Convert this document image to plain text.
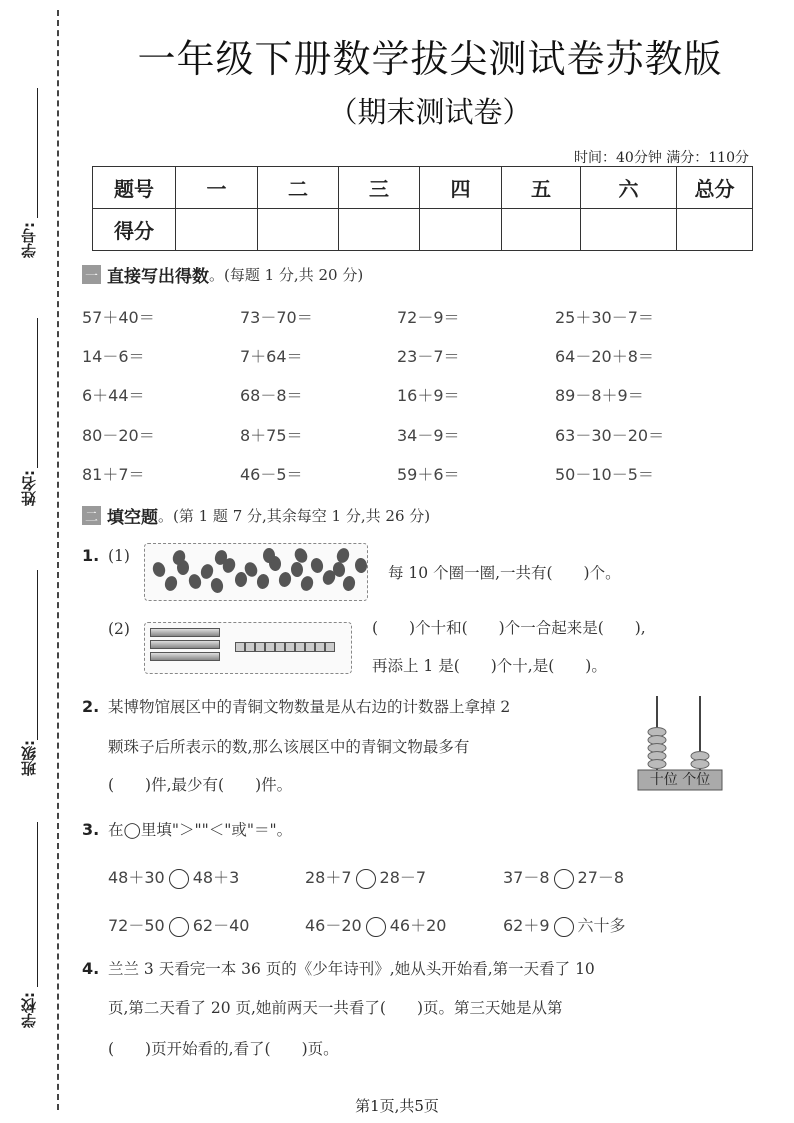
学号:
姓名:
班级:
学校:
一年级下册数学拔尖测试卷苏教版
（期末测试卷）
时间：40分钟 满分：110分
题号	一	二	三	四	五	六	总分
得分							
一 直接写出得数 。(每题 1 分,共 20 分)
57＋40＝	73－70＝	72－9＝	25＋30－7＝
14－6＝	7＋64＝	23－7＝	64－20＋8＝
6＋44＝	68－8＝	16＋9＝	89－8＋9＝
80－20＝	8＋75＝	34－9＝	63－30－20＝
81＋7＝	46－5＝	59＋6＝	50－10－5＝
二 填空题 。(第 1 题 7 分,其余每空 1 分,共 26 分)
1. (1)
每 10 个圈一圈,一共有(　　)个。
(2)	(　　)个十和(　　)个一合起来是(　　),
再添上 1 是(　　)个十,是(　　)。
2. 某博物馆展区中的青铜文物数量是从右边的计数器上拿掉 2
颗珠子后所表示的数,那么该展区中的青铜文物最多有
(　　)件,最少有(　　)件。	十位 个位
3. 在◯里填"＞""＜"或"＝"。
48＋30 48＋3	28＋7 28－7	37－8 27－8
72－50 62－40	46－20 46＋20	62＋9 六十多
4. 兰兰 3 天看完一本 36 页的《少年诗刊》,她从头开始看,第一天看了 10
页,第二天看了 20 页,她前两天一共看了(　　)页。第三天她是从第
(　　)页开始看的,看了(　　)页。
第1页,共5页
